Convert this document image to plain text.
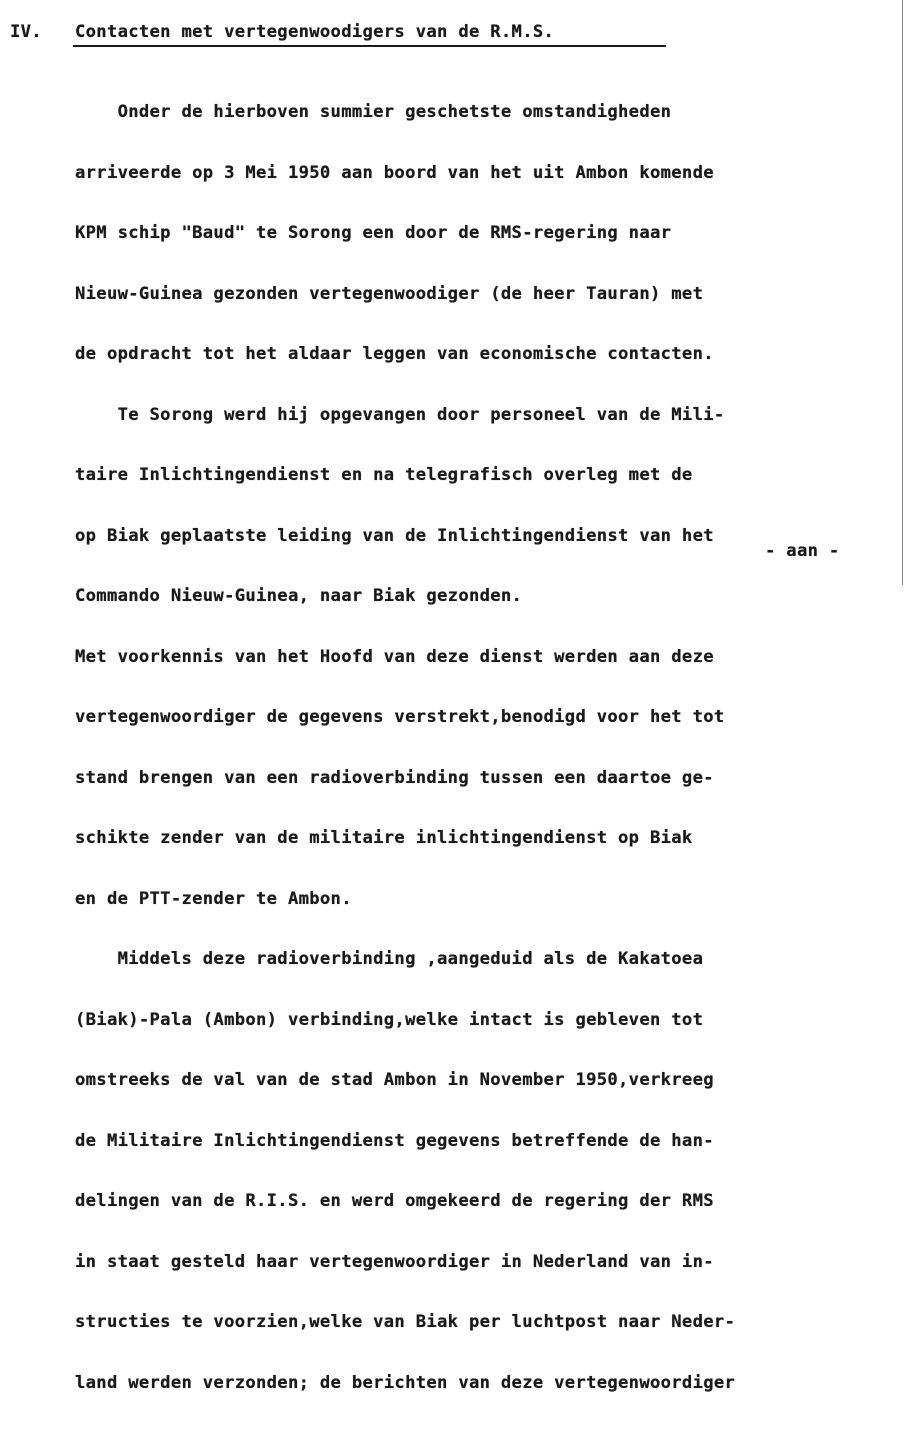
IV. Contacten met vertegenwoodigers van de R.M.S.

Onder de hierboven summier geschetste omstandigheden

arriveerde op 3 Mei 1950 aan boord van het uit Ambon komende

KPM schip "Baud" te Sorong een door de RMS-regering naar

Nieuw-Guinea gezonden vertegenwoodiger (de heer Tauran) met

de opdracht tot het aldaar leggen van economische contacten.

Te Sorong werd hij opgevangen door personeel van de Mili-

taire Inlichtingendienst en na telegrafisch overleg met de

op Biak geplaatste leiding van de Inlichtingendienst van het

Commando Nieuw-Guinea, naar Biak gezonden.

Met voorkennis van het Hoofd van deze dienst werden aan deze

vertegenwoordiger de gegevens verstrekt,benodigd voor het tot

stand brengen van een radioverbinding tussen een daartoe ge-

schikte zender van de militaire inlichtingendienst op Biak

en de PTT-zender te Ambon.

Middels deze radioverbinding ,aangeduid als de Kakatoea

(Biak)-Pala (Ambon) verbinding,welke intact is gebleven tot

omstreeks de val van de stad Ambon in November 1950,verkreeg

de Militaire Inlichtingendienst gegevens betreffende de han-

delingen van de R.I.S. en werd omgekeerd de regering der RMS

in staat gesteld haar vertegenwoordiger in Nederland van in-

structies te voorzien,welke van Biak per luchtpost naar Neder-

land werden verzonden; de berichten van deze vertegenwoordiger

- aan -
